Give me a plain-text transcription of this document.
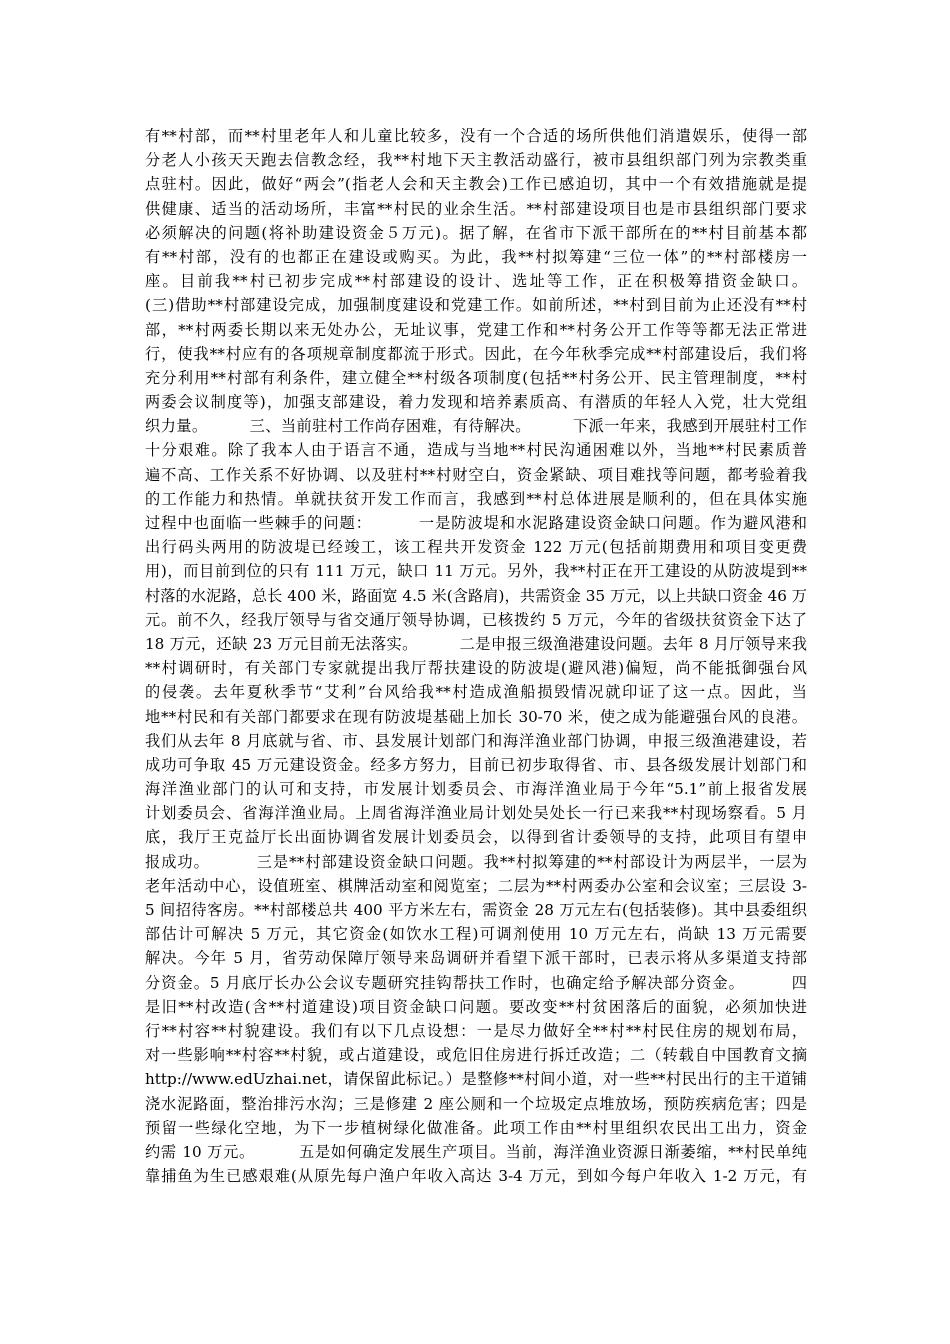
有**村部，而**村里老年人和儿童比较多，没有一个合适的场所供他们消遣娱乐，使得一部
分老人小孩天天跑去信教念经，我**村地下天主教活动盛行，被市县组织部门列为宗教类重
点驻村。因此，做好“两会”(指老人会和天主教会)工作已感迫切，其中一个有效措施就是提
供健康、适当的活动场所，丰富**村民的业余生活。**村部建设项目也是市县组织部门要求
必须解决的问题(将补助建设资金５万元)。据了解，在省市下派干部所在的**村目前基本都
有**村部，没有的也都正在建设或购买。为此，我**村拟筹建“三位一体”的**村部楼房一
座。目前我**村已初步完成**村部建设的设计、选址等工作，正在积极筹措资金缺口。
(三)借助**村部建设完成，加强制度建设和党建工作。如前所述，**村到目前为止还没有**村
部，**村两委长期以来无处办公，无址议事，党建工作和**村务公开工作等等都无法正常进
行，使我**村应有的各项规章制度都流于形式。因此，在今年秋季完成**村部建设后，我们将
充分利用**村部有利条件，建立健全**村级各项制度(包括**村务公开、民主管理制度，**村
两委会议制度等)，加强支部建设，着力发现和培养素质高、有潜质的年轻人入党，壮大党组
织力量。        三、当前驻村工作尚存困难，有待解决。        下派一年来，我感到开展驻村工作
十分艰难。除了我本人由于语言不通，造成与当地**村民沟通困难以外，当地**村民素质普
遍不高、工作关系不好协调、以及驻村**村财空白，资金紧缺、项目难找等问题，都考验着我
的工作能力和热情。单就扶贫开发工作而言，我感到**村总体进展是顺利的，但在具体实施
过程中也面临一些棘手的问题：        一是防波堤和水泥路建设资金缺口问题。作为避风港和
出行码头两用的防波堤已经竣工，该工程共开发资金 122 万元(包括前期费用和项目变更费
用)，而目前到位的只有 111 万元，缺口 11 万元。另外，我**村正在开工建设的从防波堤到**
村落的水泥路，总长 400 米，路面宽 4.5 米(含路肩)，共需资金 35 万元，以上共缺口资金 46 万
元。前不久，经我厅领导与省交通厅领导协调，已核拨约 5 万元，今年的省级扶贫资金下达了
18 万元，还缺 23 万元目前无法落实。        二是申报三级渔港建设问题。去年 8 月厅领导来我
**村调研时，有关部门专家就提出我厅帮扶建设的防波堤(避风港)偏短，尚不能抵御强台风
的侵袭。去年夏秋季节“艾利”台风给我**村造成渔船损毁情况就印证了这一点。因此，当
地**村民和有关部门都要求在现有防波堤基础上加长 30-70 米，使之成为能避强台风的良港。
我们从去年 8 月底就与省、市、县发展计划部门和海洋渔业部门协调，申报三级渔港建设，若
成功可争取 45 万元建设资金。经多方努力，目前已初步取得省、市、县各级发展计划部门和
海洋渔业部门的认可和支持，市发展计划委员会、市海洋渔业局于今年“5.1”前上报省发展
计划委员会、省海洋渔业局。上周省海洋渔业局计划处吴处长一行已来我**村现场察看。5 月
底，我厅王克益厅长出面协调省发展计划委员会，以得到省计委领导的支持，此项目有望申
报成功。        三是**村部建设资金缺口问题。我**村拟筹建的**村部设计为两层半，一层为
老年活动中心，设值班室、棋牌活动室和阅览室；二层为**村两委办公室和会议室；三层设 3-
5 间招待客房。**村部楼总共 400 平方米左右，需资金 28 万元左右(包括装修)。其中县委组织
部估计可解决 5 万元，其它资金(如饮水工程)可调剂使用 10 万元左右，尚缺 13 万元需要
解决。今年 5 月，省劳动保障厅领导来岛调研并看望下派干部时，已表示将从多渠道支持部
分资金。5 月底厅长办公会议专题研究挂钩帮扶工作时，也确定给予解决部分资金。        四
是旧**村改造(含**村道建设)项目资金缺口问题。要改变**村贫困落后的面貌，必须加快进
行**村容**村貌建设。我们有以下几点设想：一是尽力做好全**村**村民住房的规划布局，
对一些影响**村容**村貌，或占道建设，或危旧住房进行拆迁改造；二（转载自中国教育文摘
http://www.edUzhai.net，请保留此标记。）是整修**村间小道，对一些**村民出行的主干道铺
浇水泥路面，整治排污水沟；三是修建 2 座公厕和一个垃圾定点堆放场，预防疾病危害；四是
预留一些绿化空地，为下一步植树绿化做准备。此项工作由**村里组织农民出工出力，资金
约需 10 万元。        五是如何确定发展生产项目。当前，海洋渔业资源日渐萎缩，**村民单纯
靠捕鱼为生已感艰难(从原先每户渔户年收入高达 3-4 万元，到如今每户年收入 1-2 万元，有
